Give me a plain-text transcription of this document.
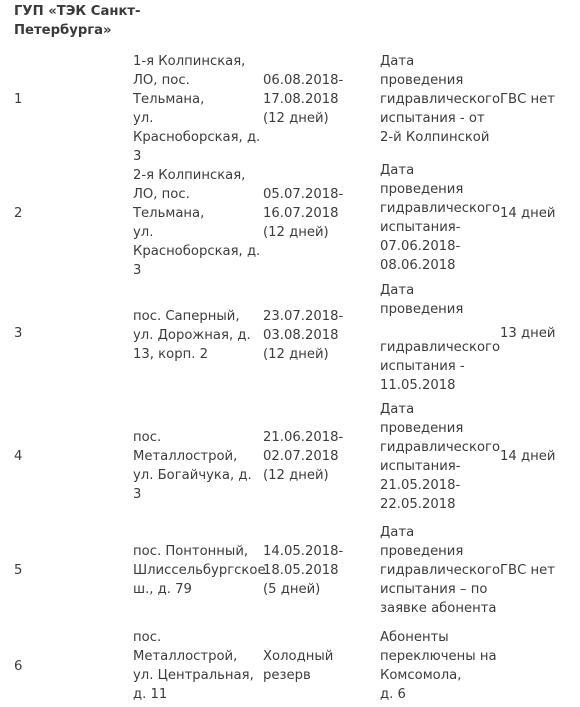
ГУП «ТЭК Санкт- Петербурга»
1
1-я Колпинская,
ЛО, пос. Тельмана,
ул.
Красноборская, д.
3
06.08.2018-
17.08.2018
(12 дней)
Дата
проведения
гидравлического
испытания - от
2-й Колпинской
ГВС нет
2
2-я Колпинская,
ЛО, пос. Тельмана,
ул.
Красноборская, д.
3
05.07.2018-
16.07.2018
(12 дней)
Дата
проведения
гидравлического
испытания-
07.06.2018-
08.06.2018
14 дней
3
пос. Саперный,
ул. Дорожная, д.
13, корп. 2
23.07.2018-
03.08.2018
(12 дней)
Дата
проведения

гидравлического
испытания -
11.05.2018
13 дней
4
пос.
Металлострой,
ул. Богайчука, д. 3
21.06.2018-
02.07.2018
(12 дней)
Дата
проведения
гидравлического
испытания-
21.05.2018-
22.05.2018
14 дней
5
пос. Понтонный,
Шлиссельбургское
ш., д. 79
14.05.2018-
18.05.2018
(5 дней)
Дата
проведения
гидравлического
испытания – по
заявке абонента
ГВС нет
6
пос.
Металлострой,
ул. Центральная,
д. 11
Холодный
резерв
Абоненты
переключены на
Комсомола,
д. 6
